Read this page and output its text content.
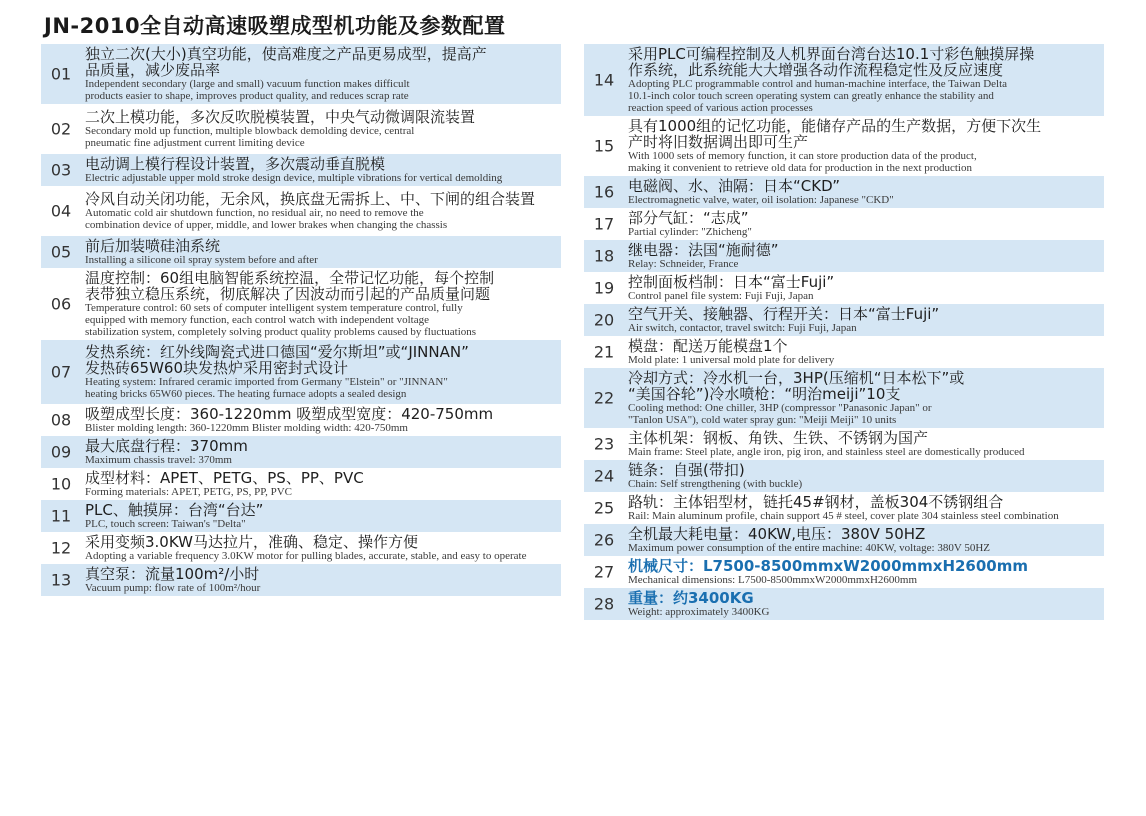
JN-2010全自动高速吸塑成型机功能及参数配置
01
独立二次(大小)真空功能，使高难度之产品更易成型，提高产
品质量，减少废品率
Independent secondary (large and small) vacuum function makes difficult
products easier to shape, improves product quality, and reduces scrap rate
02
二次上模功能，多次反吹脱模装置，中央气动微调限流装置
Secondary mold up function, multiple blowback demolding device, central
pneumatic fine adjustment current limiting device
03 电动调上模行程设计装置，多次震动垂直脱模
Electric adjustable upper mold stroke design device, multiple vibrations for vertical demolding
04
冷风自动关闭功能，无余风，换底盘无需拆上、中、下闸的组合装置
Automatic cold air shutdown function, no residual air, no need to remove the
combination device of upper, middle, and lower brakes when changing the chassis
05 前后加装喷硅油系统
Installing a silicone oil spray system before and after
06
温度控制：60组电脑智能系统控温，全带记忆功能，每个控制
表带独立稳压系统，彻底解决了因波动而引起的产品质量问题
Temperature control: 60 sets of computer intelligent system temperature control, fully
equipped with memory function, each control watch with independent voltage
stabilization system, completely solving product quality problems caused by fluctuations
07
发热系统：红外线陶瓷式进口德国“爱尔斯坦”或“JINNAN”
发热砖65W60块发热炉采用密封式设计
Heating system: Infrared ceramic imported from Germany "Elstein" or "JINNAN"
heating bricks 65W60 pieces. The heating furnace adopts a sealed design
08 吸塑成型长度：360-1220mm 吸塑成型宽度：420-750mm
Blister molding length: 360-1220mm Blister molding width: 420-750mm
09 最大底盘行程：370mm
Maximum chassis travel: 370mm
10 成型材料：APET、PETG、PS、PP、PVC
Forming materials: APET, PETG, PS, PP, PVC
11 PLC、触摸屏：台湾“台达”
PLC, touch screen: Taiwan's "Delta"
12 采用变频3.0KW马达拉片，准确、稳定、操作方便
Adopting a variable frequency 3.0KW motor for pulling blades, accurate, stable, and easy to operate
13 真空泵：流量100m²/小时
Vacuum pump: flow rate of 100m²/hour
14
采用PLC可编程控制及人机界面台湾台达10.1寸彩色触摸屏操
作系统，此系统能大大增强各动作流程稳定性及反应速度
Adopting PLC programmable control and human-machine interface, the Taiwan Delta
10.1-inch color touch screen operating system can greatly enhance the stability and
reaction speed of various action processes
15
具有1000组的记忆功能，能储存产品的生产数据，方便下次生
产时将旧数据调出即可生产
With 1000 sets of memory function, it can store production data of the product,
making it convenient to retrieve old data for production in the next production
16 电磁阀、水、油隔：日本“CKD”
Electromagnetic valve, water, oil isolation: Japanese "CKD"
17 部分气缸：“志成”
Partial cylinder: "Zhicheng"
18 继电器：法国“施耐德”
Relay: Schneider, France
19 控制面板档制：日本“富士Fuji”
Control panel file system: Fuji Fuji, Japan
20 空气开关、接触器、行程开关：日本“富士Fuji”
Air switch, contactor, travel switch: Fuji Fuji, Japan
21 模盘：配送万能模盘1个
Mold plate: 1 universal mold plate for delivery
22
冷却方式：冷水机一台，3HP(压缩机“日本松下”或
“美国谷轮”)冷水喷枪：“明治meiji”10支
Cooling method: One chiller, 3HP (compressor "Panasonic Japan" or
"Tanlon USA"), cold water spray gun: "Meiji Meiji" 10 units
23 主体机架：钢板、角铁、生铁、不锈钢为国产
Main frame: Steel plate, angle iron, pig iron, and stainless steel are domestically produced
24 链条：自强(带扣)
Chain: Self strengthening (with buckle)
25 路轨：主体铝型材，链托45#钢材，盖板304不锈钢组合
Rail: Main aluminum profile, chain support 45 # steel, cover plate 304 stainless steel combination
26 全机最大耗电量：40KW,电压：380V 50HZ
Maximum power consumption of the entire machine: 40KW, voltage: 380V 50HZ
27 机械尺寸：L7500-8500mmxW2000mmxH2600mm
Mechanical dimensions: L7500-8500mmxW2000mmxH2600mm
28 重量：约3400KG
Weight: approximately 3400KG
